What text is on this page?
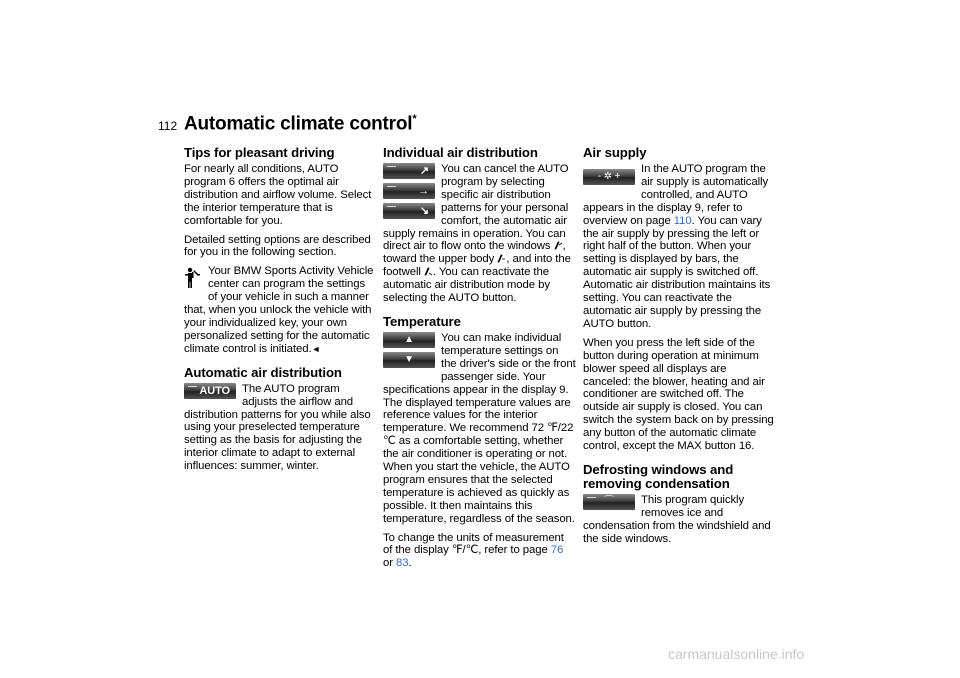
112 Automatic climate control*
Tips for pleasant driving

For nearly all conditions, AUTO program 6 offers the optimal air distribution and airflow volume. Select the interior temperature that is comfortable for you.

Detailed setting options are described for you in the following section.

Your BMW Sports Activity Vehicle center can program the settings of your vehicle in such a manner that, when you unlock the vehicle with your individualized key, your own personalized setting for the automatic climate control is initiated.◄

Automatic air distribution
AUTO	The AUTO program adjusts the airflow and distribution patterns for you while also using your preselected temperature setting as the basis for adjusting the interior climate to adapt to external influences: summer, winter.

Individual air distribution
↗
→
↘

You can cancel the AUTO program by selecting specific air distribution patterns for your personal comfort, the automatic air supply remains in operation. You can direct air to flow onto the windows , toward the upper body , and into the footwell . You can reactivate the automatic air distribution mode by selecting the AUTO button.

Temperature
▲
▼

You can make individual temperature settings on the driver's side or the front passenger side. Your specifications appear in the display 9. The displayed temperature values are reference values for the interior temperature. We recommend 72 ℉/22 ℃ as a comfortable setting, whether the air conditioner is operating or not. When you start the vehicle, the AUTO program ensures that the selected temperature is achieved as quickly as possible. It then maintains this temperature, regardless of the season.

To change the units of measurement of the display ℉/℃, refer to page 76
or 83.

Air supply
- ✲ +

In the AUTO program the air supply is automatically controlled, and AUTO appears in the display 9, refer to overview on page 110. You can vary the air supply by pressing the left or right half of the button. When your setting is displayed by bars, the automatic air supply is switched off. Automatic air distribution maintains its setting. You can reactivate the automatic air supply by pressing the AUTO button.

When you press the left side of the button during operation at minimum blower speed all displays are canceled: the blower, heating and air conditioner are switched off. The outside air supply is closed. You can switch the system back on by pressing any button of the automatic climate control, except the MAX button 16.

Defrosting windows and removing condensation
⌒	This program quickly removes ice and condensation from the windshield and the side windows.

carmanualsonline.info
